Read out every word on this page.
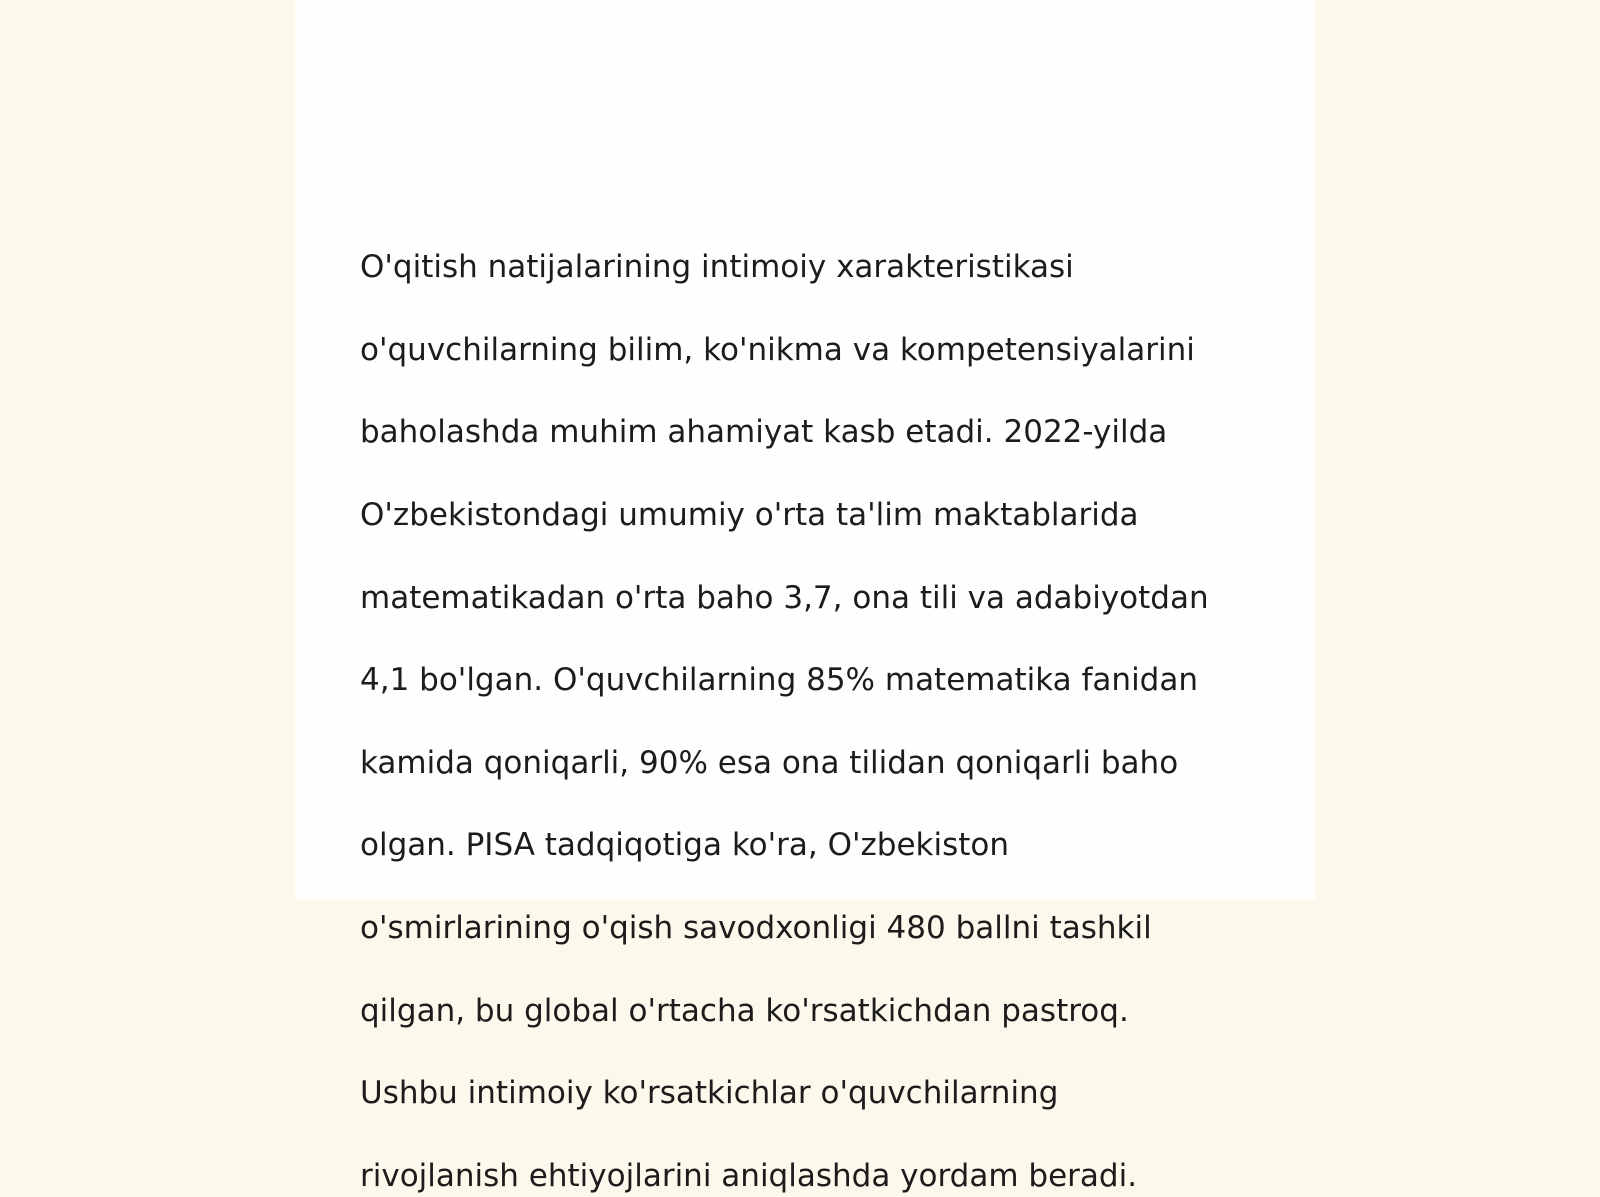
O'qitish natijalarining intimoiy xarakteristikasi

o'quvchilarning bilim, ko'nikma va kompetensiyalarini

baholashda muhim ahamiyat kasb etadi. 2022-yilda

O'zbekistondagi umumiy o'rta ta'lim maktablarida

matematikadan o'rta baho 3,7, ona tili va adabiyotdan

4,1 bo'lgan. O'quvchilarning 85% matematika fanidan

kamida qoniqarli, 90% esa ona tilidan qoniqarli baho

olgan. PISA tadqiqotiga ko'ra, O'zbekiston

o'smirlarining o'qish savodxonligi 480 ballni tashkil

qilgan, bu global o'rtacha ko'rsatkichdan pastroq.

Ushbu intimoiy ko'rsatkichlar o'quvchilarning

rivojlanish ehtiyojlarini aniqlashda yordam beradi.
